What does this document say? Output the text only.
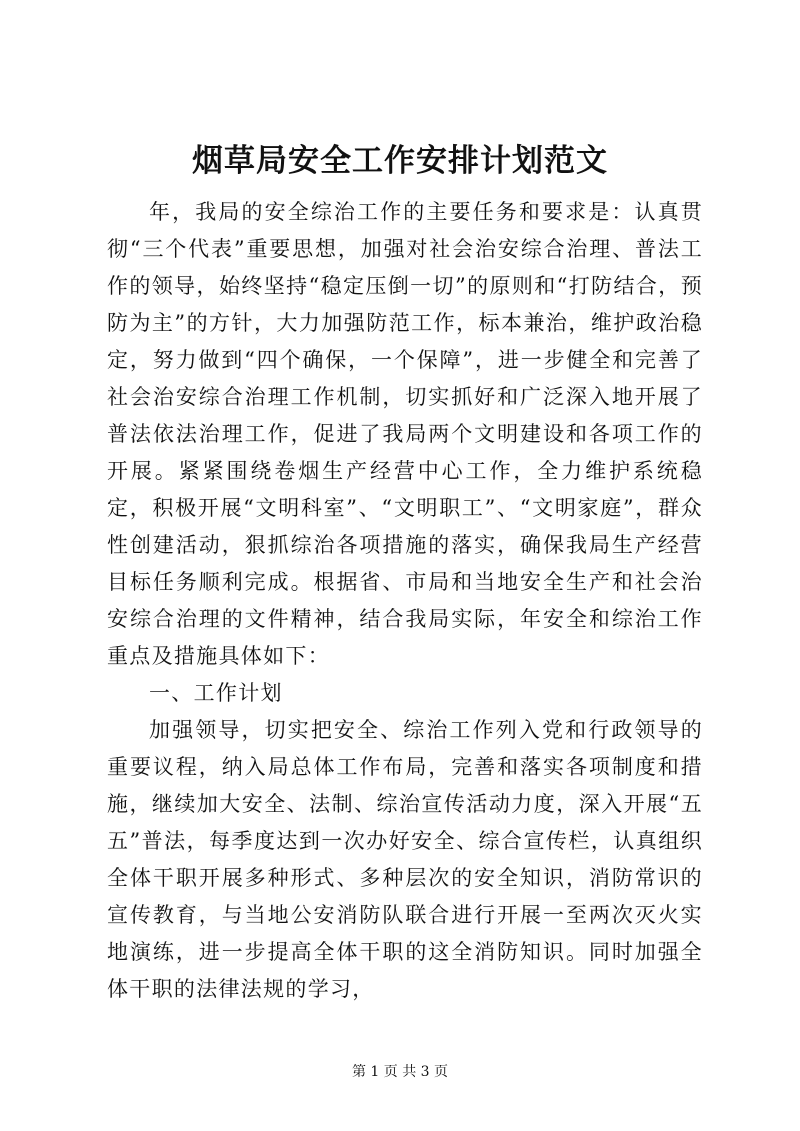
烟草局安全工作安排计划范文

年，我局的安全综治工作的主要任务和要求是：认真贯彻“三个代表”重要思想，加强对社会治安综合治理、普法工作的领导，始终坚持“稳定压倒一切”的原则和“打防结合，预防为主”的方针，大力加强防范工作，标本兼治，维护政治稳定，努力做到“四个确保，一个保障”，进一步健全和完善了社会治安综合治理工作机制，切实抓好和广泛深入地开展了普法依法治理工作，促进了我局两个文明建设和各项工作的开展。紧紧围绕卷烟生产经营中心工作，全力维护系统稳定，积极开展“文明科室”、“文明职工”、“文明家庭”，群众性创建活动，狠抓综治各项措施的落实，确保我局生产经营目标任务顺利完成。根据省、市局和当地安全生产和社会治安综合治理的文件精神，结合我局实际，年安全和综治工作重点及措施具体如下：

一、工作计划

加强领导，切实把安全、综治工作列入党和行政领导的重要议程，纳入局总体工作布局，完善和落实各项制度和措施，继续加大安全、法制、综治宣传活动力度，深入开展“五五”普法，每季度达到一次办好安全、综合宣传栏，认真组织全体干职开展多种形式、多种层次的安全知识，消防常识的宣传教育，与当地公安消防队联合进行开展一至两次灭火实地演练，进一步提高全体干职的这全消防知识。同时加强全体干职的法律法规的学习，

第 1 页 共 3 页
